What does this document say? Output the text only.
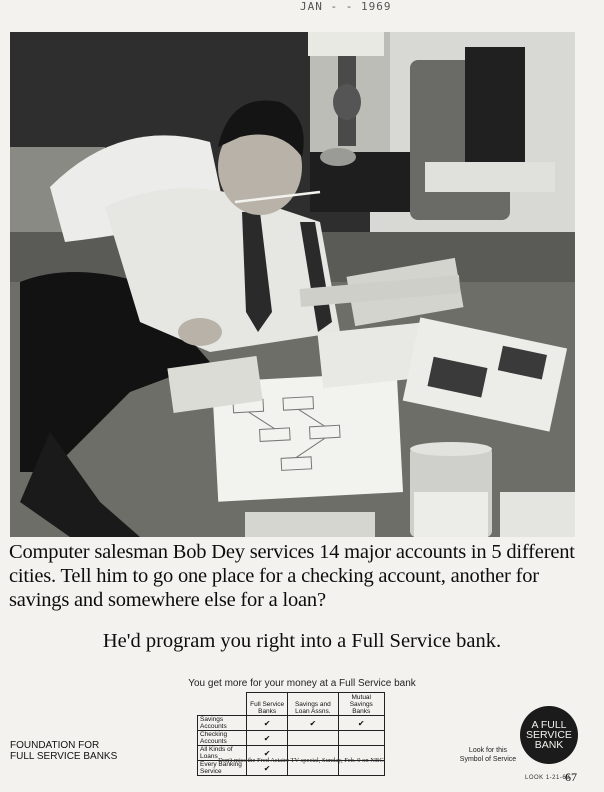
JAN - - 1969
Computer salesman Bob Dey services 14 major accounts in 5 different cities. Tell him to go one place for a checking account, another for savings and somewhere else for a loan?
He'd program you right into a Full Service bank.
You get more for your money at a Full Service bank
	Full Service Banks	Savings and Loan Assns.	Mutual Savings Banks
Savings Accounts	✔	✔	✔
Checking Accounts	✔		
All Kinds of Loans	✔		
Every Banking Service	✔		
FOUNDATION FOR
FULL SERVICE BANKS	Don't miss the Fred Astaire TV special, Sunday, Feb. 9 on NBC!
Look for this
Symbol of Service
A FULL
SERVICE
BANK
LOOK 1-21-69
67
